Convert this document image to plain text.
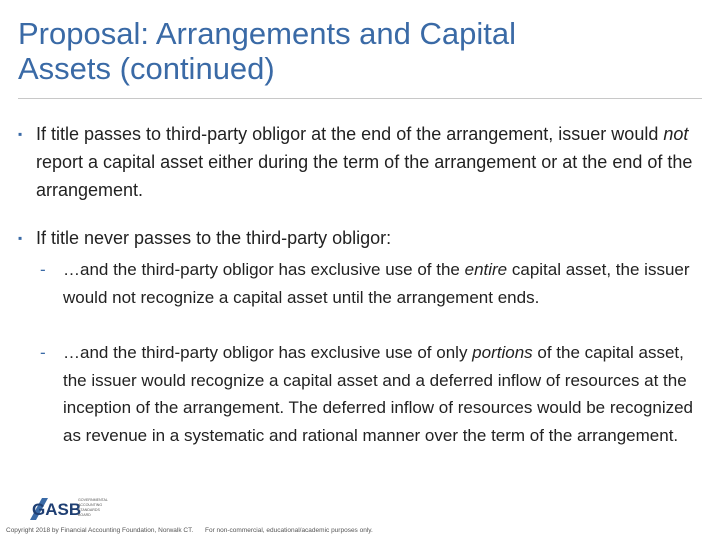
Proposal: Arrangements and Capital
Assets (continued)
▪ If title passes to third-party obligor at the end of the arrangement, issuer would not report a capital asset either during the term of the arrangement or at the end of the arrangement.
▪ If title never passes to the third-party obligor:
-	…and the third-party obligor has exclusive use of the entire capital asset, the issuer would not recognize a capital asset until the arrangement ends.
-	…and the third-party obligor has exclusive use of only portions of the capital asset, the issuer would recognize a capital asset and a deferred inflow of resources at the inception of the arrangement. The deferred inflow of resources would be recognized as revenue in a systematic and rational manner over the term of the arrangement.
GASB
GOVERNMENTAL
ACCOUNTING
STANDARDS
BOARD
Copyright 2018 by Financial Accounting Foundation, Norwalk CT. For non-commercial, educational/academic purposes only.
